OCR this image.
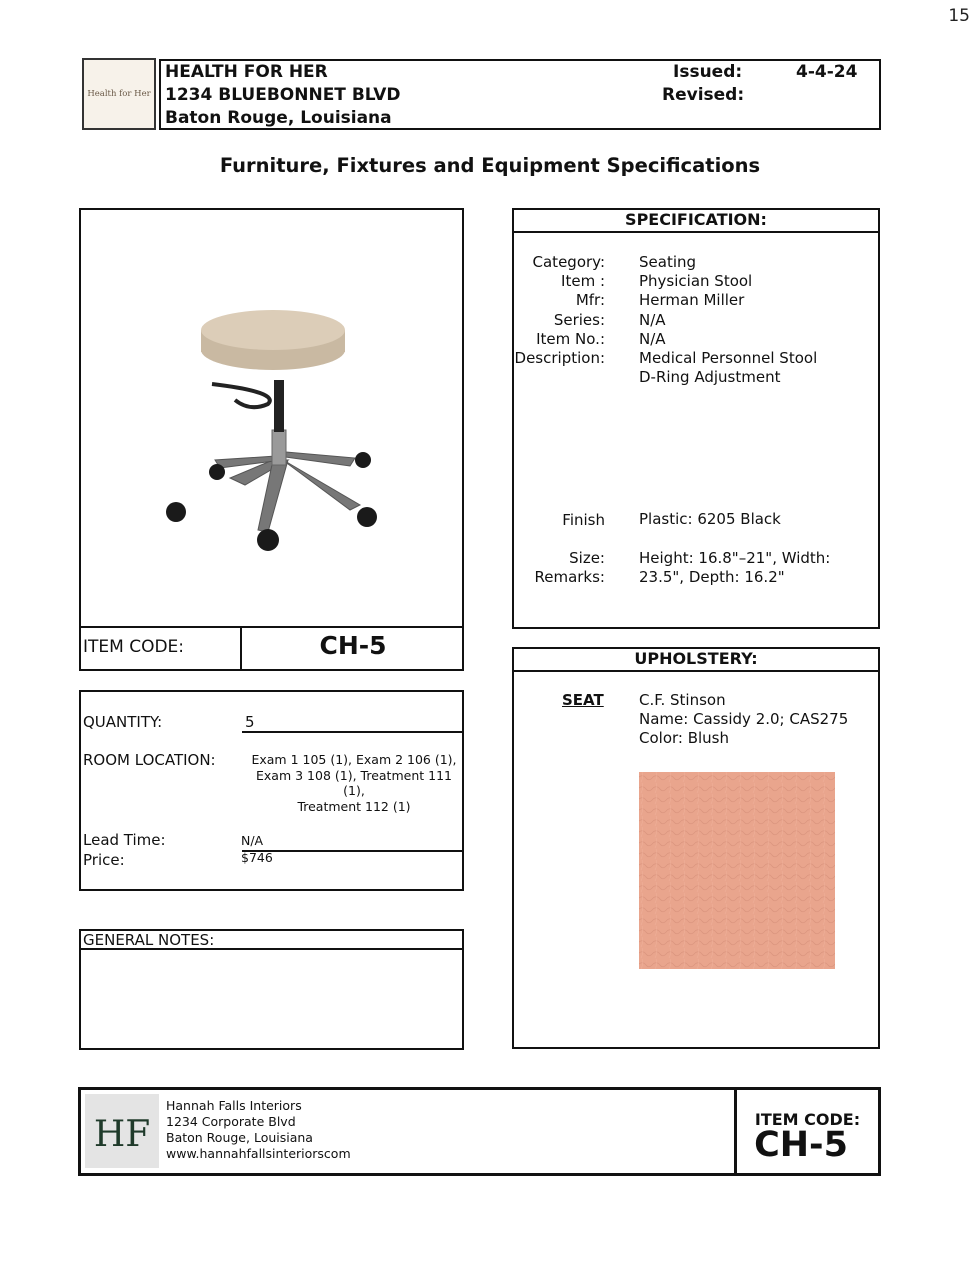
15
Health for Her
HEALTH FOR HER
1234 BLUEBONNET BLVD
Baton Rouge, Louisiana
Issued:	4-4-24
Revised:
Furniture, Fixtures and Equipment Specifications
ITEM CODE:	CH-5
SPECIFICATION:
Category: Seating
Item : Physician Stool
Mfr: Herman Miller
Series: N/A
Item No.: N/A
Description: Medical Personnel Stool
D-Ring Adjustment
Finish Plastic: 6205 Black
Size: Height: 16.8"–21", Width:
Remarks: 23.5", Depth: 16.2"
UPHOLSTERY:
SEAT C.F. Stinson
Name: Cassidy 2.0; CAS275
Color: Blush
QUANTITY:	5
ROOM LOCATION:	Exam 1 105 (1), Exam 2 106 (1),
Exam 3 108 (1), Treatment 111 (1),
Treatment 112 (1)
Lead Time:	N/A
Price:	$746
GENERAL NOTES:
HF
Hannah Falls Interiors
1234 Corporate Blvd
Baton Rouge, Louisiana
www.hannahfallsinteriorscom
ITEM CODE:
CH-5
